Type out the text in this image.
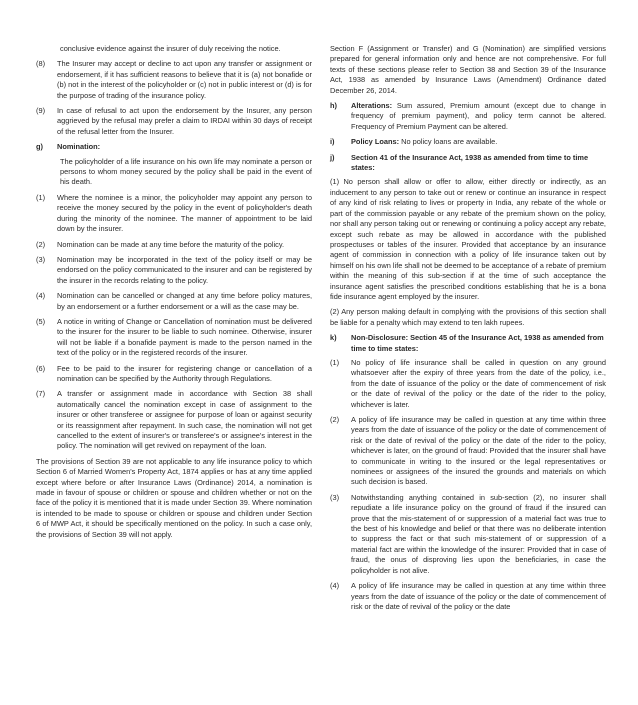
conclusive evidence against the insurer of duly receiving the notice.

(8)	The Insurer may accept or decline to act upon any transfer or assignment or endorsement, if it has sufficient reasons to believe that it is (a) not bonafide or (b) not in the interest of the policyholder or (c) not in public interest or (d) is for the purpose of trading of the insurance policy.
(9)	In case of refusal to act upon the endorsement by the Insurer, any person aggrieved by the refusal may prefer a claim to IRDAI within 30 days of receipt of the refusal letter from the Insurer.
g)	Nomination:

The policyholder of a life insurance on his own life may nominate a person or persons to whom money secured by the policy shall be paid in the event of his death.

(1)	Where the nominee is a minor, the policyholder may appoint any person to receive the money secured by the policy in the event of policyholder's death during the minority of the nominee. The manner of appointment to be laid down by the insurer.
(2)	Nomination can be made at any time before the maturity of the policy.
(3)	Nomination may be incorporated in the text of the policy itself or may be endorsed on the policy communicated to the insurer and can be registered by the insurer in the records relating to the policy.
(4)	Nomination can be cancelled or changed at any time before policy matures, by an endorsement or a further endorsement or a will as the case may be.
(5)	A notice in writing of Change or Cancellation of nomination must be delivered to the insurer for the insurer to be liable to such nominee. Otherwise, insurer will not be liable if a bonafide payment is made to the person named in the text of the policy or in the registered records of the insurer.
(6)	Fee to be paid to the insurer for registering change or cancellation of a nomination can be specified by the Authority through Regulations.
(7)	A transfer or assignment made in accordance with Section 38 shall automatically cancel the nomination except in case of assignment to the insurer or other transferee or assignee for purpose of loan or against security or its reassignment after repayment. In such case, the nomination will not get cancelled to the extent of insurer's or transferee's or assignee's interest in the policy. The nomination will get revived on repayment of the loan.

The provisions of Section 39 are not applicable to any life insurance policy to which Section 6 of Married Women's Property Act, 1874 applies or has at any time applied except where before or after Insurance Laws (Ordinance) 2014, a nomination is made in favour of spouse or children or spouse and children whether or not on the face of the policy it is mentioned that it is made under Section 39. Where nomination is intended to be made to spouse or children or spouse and children under Section 6 of MWP Act, it should be specifically mentioned on the policy. In such a case only, the provisions of Section 39 will not apply.

Section F (Assignment or Transfer) and G (Nomination) are simplified versions prepared for general information only and hence are not comprehensive. For full texts of these sections please refer to Section 38 and Section 39 of the Insurance Act, 1938 as amended by Insurance Laws (Amendment) Ordinance dated December 26, 2014.

h)	Alterations: Sum assured, Premium amount (except due to change in frequency of premium payment), and policy term cannot be altered. Frequency of Premium Payment can be altered.
i)	Policy Loans: No policy loans are available.
j)	Section 41 of the Insurance Act, 1938 as amended from time to time states:

(1) No person shall allow or offer to allow, either directly or indirectly, as an inducement to any person to take out or renew or continue an insurance in respect of any kind of risk relating to lives or property in India, any rebate of the whole or part of the commission payable or any rebate of the premium shown on the policy, nor shall any person taking out or renewing or continuing a policy accept any rebate, except such rebate as may be allowed in accordance with the published prospectuses or tables of the insurer. Provided that acceptance by an insurance agent of commission in connection with a policy of life insurance taken out by himself on his own life shall not be deemed to be acceptance of a rebate of premium within the meaning of this sub-section if at the time of such acceptance the insurance agent satisfies the prescribed conditions establishing that he is a bona fide insurance agent employed by the insurer.

(2) Any person making default in complying with the provisions of this section shall be liable for a penalty which may extend to ten lakh rupees.

k)	Non-Disclosure: Section 45 of the Insurance Act, 1938 as amended from time to time states:
(1)	No policy of life insurance shall be called in question on any ground whatsoever after the expiry of three years from the date of the policy, i.e., from the date of issuance of the policy or the date of commencement of risk or the date of revival of the policy or the date of the rider to the policy, whichever is later.
(2)	A policy of life insurance may be called in question at any time within three years from the date of issuance of the policy or the date of commencement of risk or the date of revival of the policy or the date of the rider to the policy, whichever is later, on the ground of fraud: Provided that the insurer shall have to communicate in writing to the insured or the legal representatives or nominees or assignees of the insured the grounds and materials on which such decision is based.
(3)	Notwithstanding anything contained in sub-section (2), no insurer shall repudiate a life insurance policy on the ground of fraud if the insured can prove that the mis-statement of or suppression of a material fact was true to the best of his knowledge and belief or that there was no deliberate intention to suppress the fact or that such mis-statement of or suppression of a material fact are within the knowledge of the insurer: Provided that in case of fraud, the onus of disproving lies upon the beneficiaries, in case the policyholder is not alive.
(4)	A policy of life insurance may be called in question at any time within three years from the date of issuance of the policy or the date of commencement of risk or the date of revival of the policy or the date
